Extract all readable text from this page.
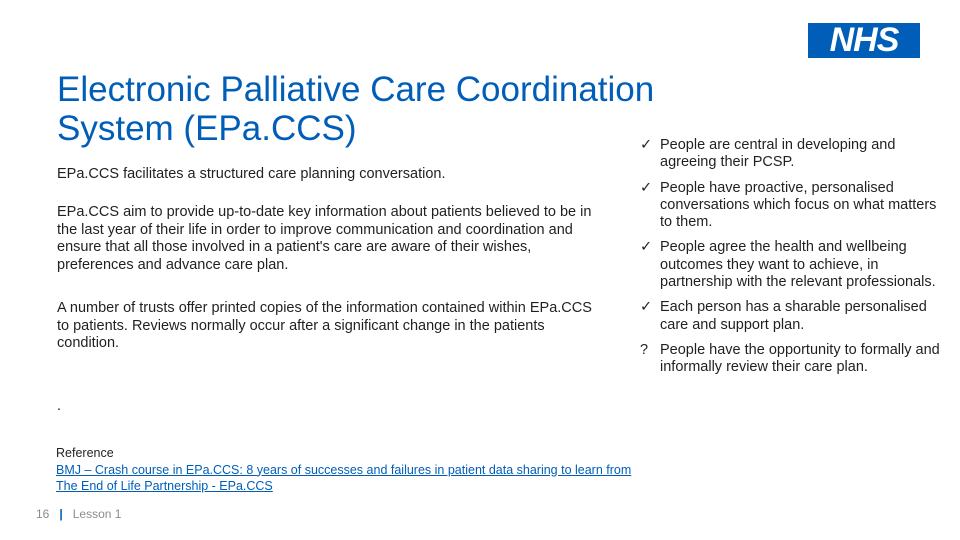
NHS
Electronic Palliative Care Coordination System (EPa.CCS)

EPa.CCS facilitates a structured care planning conversation.

EPa.CCS aim to provide up-to-date key information about patients believed to be in the last year of their life in order to improve communication and coordination and ensure that all those involved in a patient's care are aware of their wishes, preferences and advance care plan.

A number of trusts offer printed copies of the information contained within EPa.CCS to patients. Reviews normally occur after a significant change in the patients condition.

.

✓ People are central in developing and agreeing their PCSP.
✓ People have proactive, personalised conversations which focus on what matters to them.
✓ People agree the health and wellbeing outcomes they want to achieve, in partnership with the relevant professionals.
✓ Each person has a sharable personalised care and support plan.
? People have the opportunity to formally and informally review their care plan.
Reference
BMJ – Crash course in EPa.CCS: 8 years of successes and failures in patient data sharing to learn from
The End of Life Partnership - EPa.CCS
16 | Lesson 1
